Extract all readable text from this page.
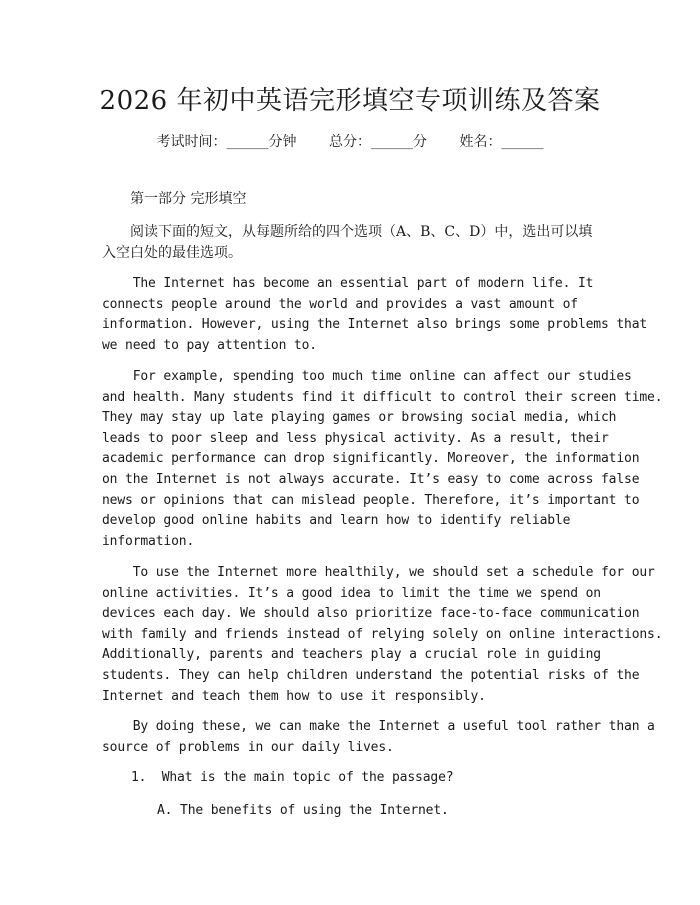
2026 年初中英语完形填空专项训练及答案
考试时间：______分钟 总分：______分 姓名：______
第一部分 完形填空

阅读下面的短文，从每题所给的四个选项（A、B、C、D）中，选出可以填入空白处的最佳选项。

The Internet has become an essential part of modern life. It
connects people around the world and provides a vast amount of
information. However, using the Internet also brings some problems that
we need to pay attention to.
For example, spending too much time online can affect our studies
and health. Many students find it difficult to control their screen time.
They may stay up late playing games or browsing social media, which
leads to poor sleep and less physical activity. As a result, their
academic performance can drop significantly. Moreover, the information
on the Internet is not always accurate. It’s easy to come across false
news or opinions that can mislead people. Therefore, it’s important to
develop good online habits and learn how to identify reliable
information.
To use the Internet more healthily, we should set a schedule for our
online activities. It’s a good idea to limit the time we spend on
devices each day. We should also prioritize face-to-face communication
with family and friends instead of relying solely on online interactions.
Additionally, parents and teachers play a crucial role in guiding
students. They can help children understand the potential risks of the
Internet and teach them how to use it responsibly.
By doing these, we can make the Internet a useful tool rather than a
source of problems in our daily lives.
1.  What is the main topic of the passage?
A. The benefits of using the Internet.
